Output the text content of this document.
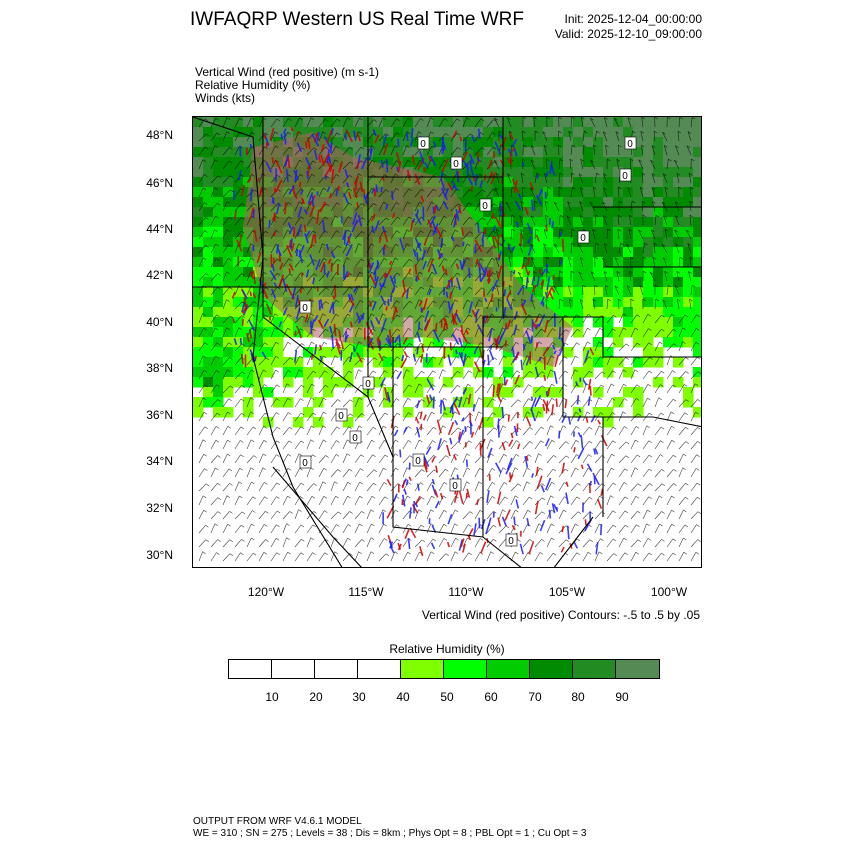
IWFAQRP Western US Real Time WRF	Init: 2025-12-04_00:00:00
Valid: 2025-12-10_09:00:00
Vertical Wind (red positive) (m s-1)
Relative Humidity (%)
Winds (kts)
0
0
0
0
0
0
0
0
0
0
0
0
0
0
48°N
46°N
44°N
42°N
40°N
38°N
36°N
34°N
32°N
30°N
120°W	115°W	110°W	105°W	100°W
Vertical Wind (red positive) Contours: -.5 to .5 by .05
Relative Humidity (%)
10	20 30	40	50	60	70 80	90
OUTPUT FROM WRF V4.6.1 MODEL
WE = 310 ; SN = 275 ; Levels = 38 ; Dis = 8km ; Phys Opt = 8 ; PBL Opt = 1 ; Cu Opt = 3
